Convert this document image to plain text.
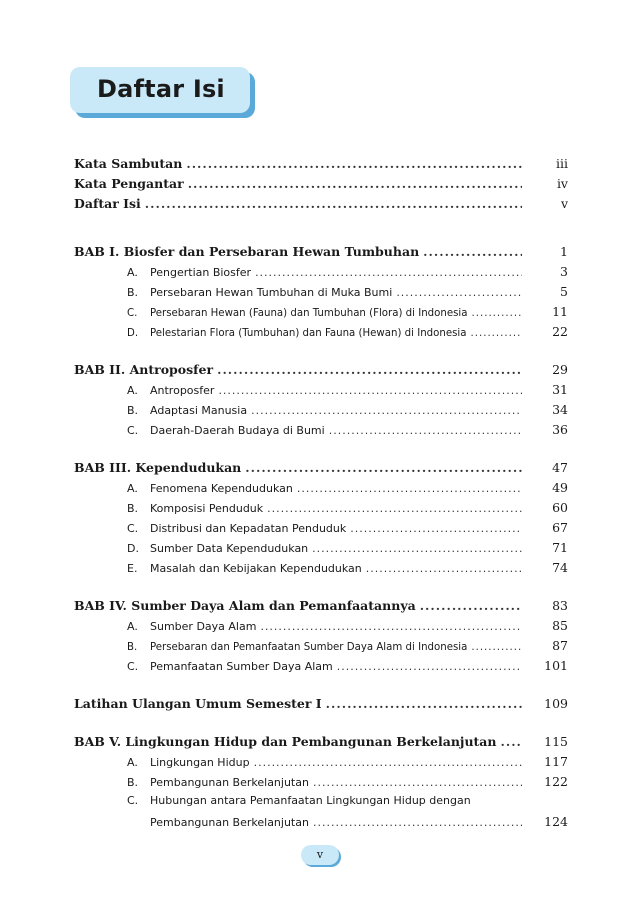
Daftar Isi
Kata Sambutan .....	iii
Kata Pengantar .....	iv
Daftar Isi .....	v
BAB I. Biosfer dan Persebaran Hewan Tumbuhan .....	1
A. Pengertian Biosfer .....	3
B. Persebaran Hewan Tumbuhan di Muka Bumi .....	5
C. Persebaran Hewan (Fauna) dan Tumbuhan (Flora) di Indonesia .....	11
D. Pelestarian Flora (Tumbuhan) dan Fauna (Hewan) di Indonesia .....	22
BAB II. Antroposfer .....	29
A. Antroposfer .....	31
B. Adaptasi Manusia .....	34
C. Daerah-Daerah Budaya di Bumi .....	36
BAB III. Kependudukan .....	47
A. Fenomena Kependudukan .....	49
B. Komposisi Penduduk .....	60
C. Distribusi dan Kepadatan Penduduk .....	67
D. Sumber Data Kependudukan .....	71
E. Masalah dan Kebijakan Kependudukan .....	74
BAB IV. Sumber Daya Alam dan Pemanfaatannya .....	83
A. Sumber Daya Alam .....	85
B. Persebaran dan Pemanfaatan Sumber Daya Alam di Indonesia .....	87
C. Pemanfaatan Sumber Daya Alam .....	101
Latihan Ulangan Umum Semester I .....	109
BAB V. Lingkungan Hidup dan Pembangunan Berkelanjutan .....	115
A. Lingkungan Hidup .....	117
B. Pembangunan Berkelanjutan .....	122
C. Hubungan antara Pemanfaatan Lingkungan Hidup dengan
Pembangunan Berkelanjutan .....	124
v
